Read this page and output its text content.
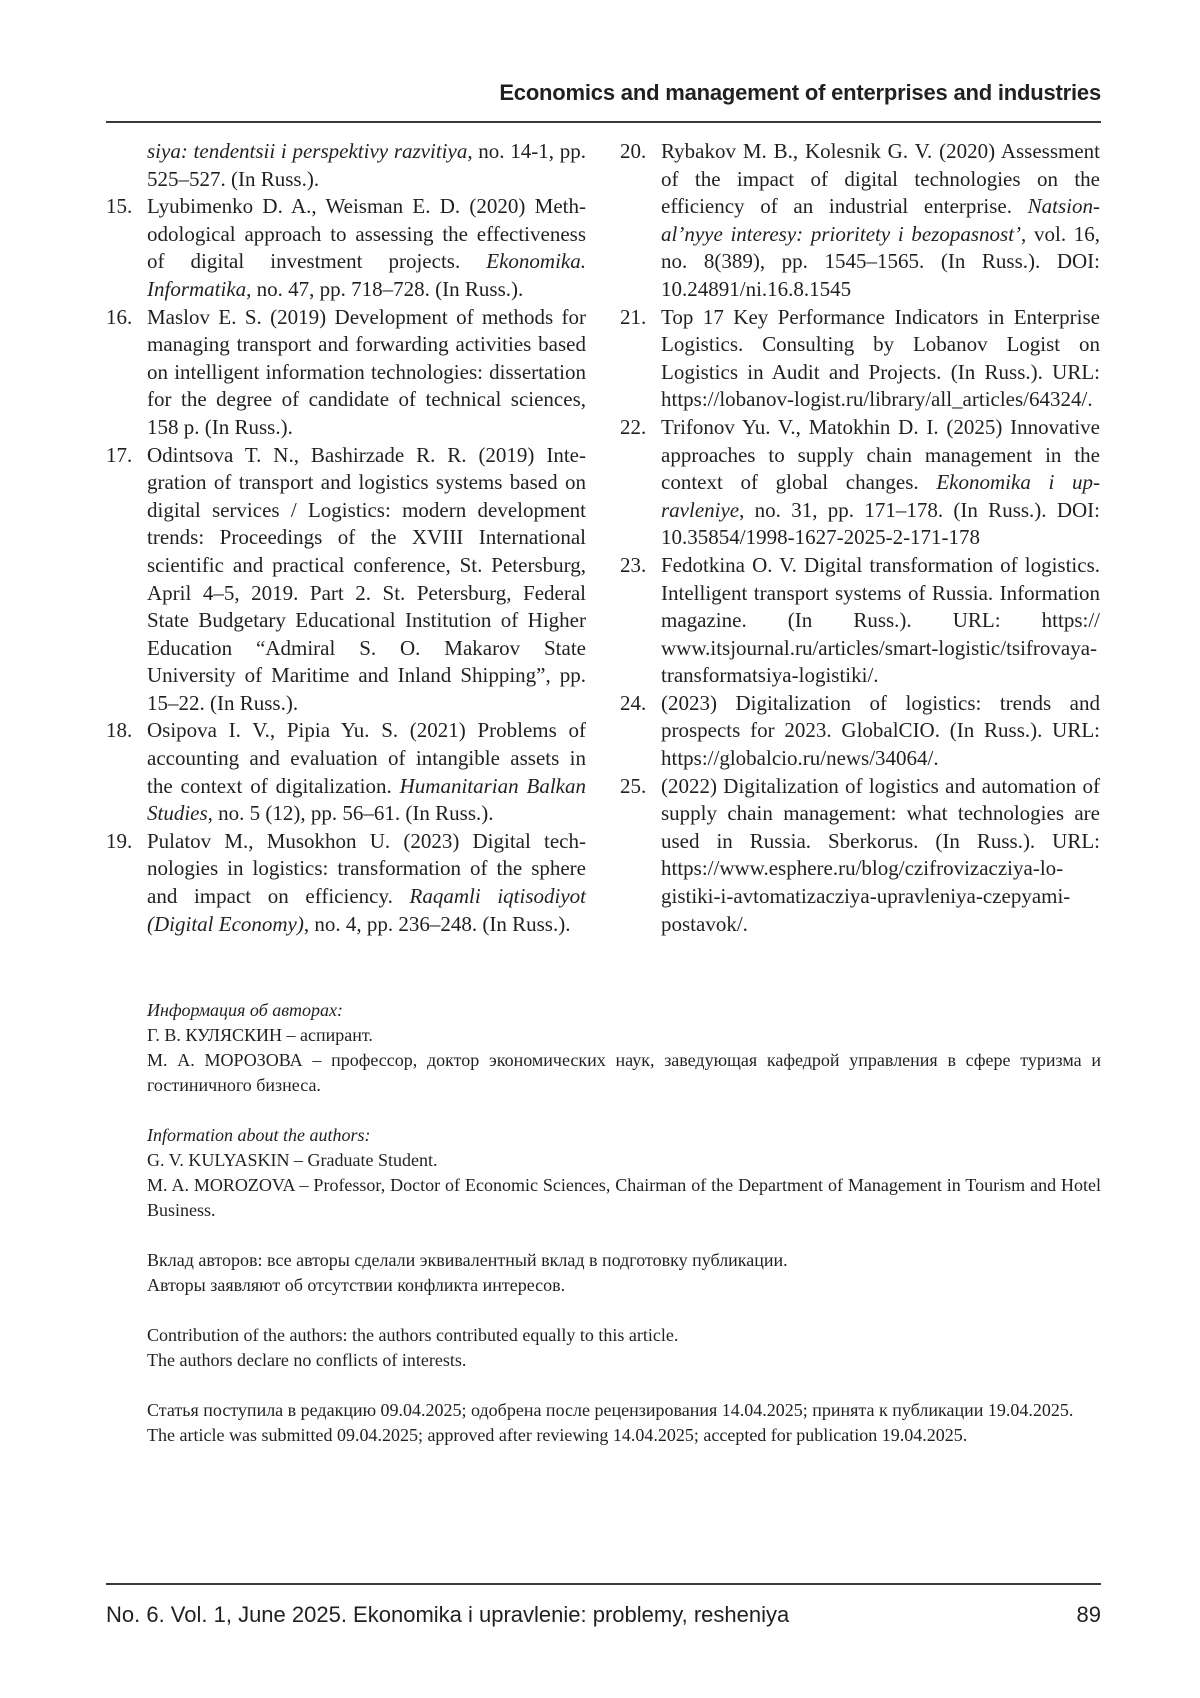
Economics and management of enterprises and industries
siya: tendentsii i perspektivy razvitiya, no. 14-1, pp. 525–527. (In Russ.).
15. Lyubimenko D. A., Weisman E. D. (2020) Methodological approach to assessing the effectiveness of digital investment projects. Ekonomika. Informatika, no. 47, pp. 718–728. (In Russ.).
16. Maslov E. S. (2019) Development of methods for managing transport and forwarding activities based on intelligent information technologies: dissertation for the degree of candidate of technical sciences, 158 p. (In Russ.).
17. Odintsova T. N., Bashirzade R. R. (2019) Integration of transport and logistics systems based on digital services / Logistics: modern development trends: Proceedings of the XVIII International scientific and practical conference, St. Petersburg, April 4–5, 2019. Part 2. St. Petersburg, Federal State Budgetary Educational Institution of Higher Education “Admiral S. O. Makarov State University of Maritime and Inland Shipping”, pp. 15–22. (In Russ.).
18. Osipova I. V., Pipia Yu. S. (2021) Problems of accounting and evaluation of intangible assets in the context of digitalization. Humanitarian Balkan Studies, no. 5 (12), pp. 56–61. (In Russ.).
19. Pulatov M., Musokhon U. (2023) Digital technologies in logistics: transformation of the sphere and impact on efficiency. Raqamli iqtisodiyot (Digital Economy), no. 4, pp. 236–248. (In Russ.).
20. Rybakov M. B., Kolesnik G. V. (2020) Assessment of the impact of digital technologies on the efficiency of an industrial enterprise. Natsional’nyye interesy: prioritety i bezopasnost’, vol. 16, no. 8(389), pp. 1545–1565. (In Russ.). DOI: 10.24891/ni.16.8.1545
21. Top 17 Key Performance Indicators in Enterprise Logistics. Consulting by Lobanov Logist on Logistics in Audit and Projects. (In Russ.). URL: https://lobanov-logist.ru/library/all_articles/64324/.
22. Trifonov Yu. V., Matokhin D. I. (2025) Innovative approaches to supply chain management in the context of global changes. Ekonomika i upravleniye, no. 31, pp. 171–178. (In Russ.). DOI: 10.35854/1998-1627-2025-2-171-178
23. Fedotkina O. V. Digital transformation of logistics. Intelligent transport systems of Russia. Information magazine. (In Russ.). URL: https:// www.itsjournal.ru/articles/smart-logistic/tsifrovaya-transformatsiya-logistiki/.
24. (2023) Digitalization of logistics: trends and prospects for 2023. GlobalCIO. (In Russ.). URL: https://globalcio.ru/news/34064/.
25. (2022) Digitalization of logistics and automation of supply chain management: what technologies are used in Russia. Sberkorus. (In Russ.). URL: https://www.esphere.ru/blog/czifrovizacziya-logistiki-i-avtomatizacziya-upravleniya-czepyami-postavok/.

Информация об авторах:

Г. В. КУЛЯСКИН – аспирант.

М. А. МОРОЗОВА – профессор, доктор экономических наук, заведующая кафедрой управления в сфере туризма и гостиничного бизнеса.

Information about the authors:

G. V. KULYASKIN – Graduate Student.

M. A. MOROZOVA – Professor, Doctor of Economic Sciences, Chairman of the Department of Management in Tourism and Hotel Business.

Вклад авторов: все авторы сделали эквивалентный вклад в подготовку публикации.

Авторы заявляют об отсутствии конфликта интересов.

Contribution of the authors: the authors contributed equally to this article.

The authors declare no conflicts of interests.

Статья поступила в редакцию 09.04.2025; одобрена после рецензирования 14.04.2025; принята к публикации 19.04.2025.

The article was submitted 09.04.2025; approved after reviewing 14.04.2025; accepted for publication 19.04.2025.

No. 6. Vol. 1, June 2025. Ekonomika i upravlenie: problemy, resheniya	89
